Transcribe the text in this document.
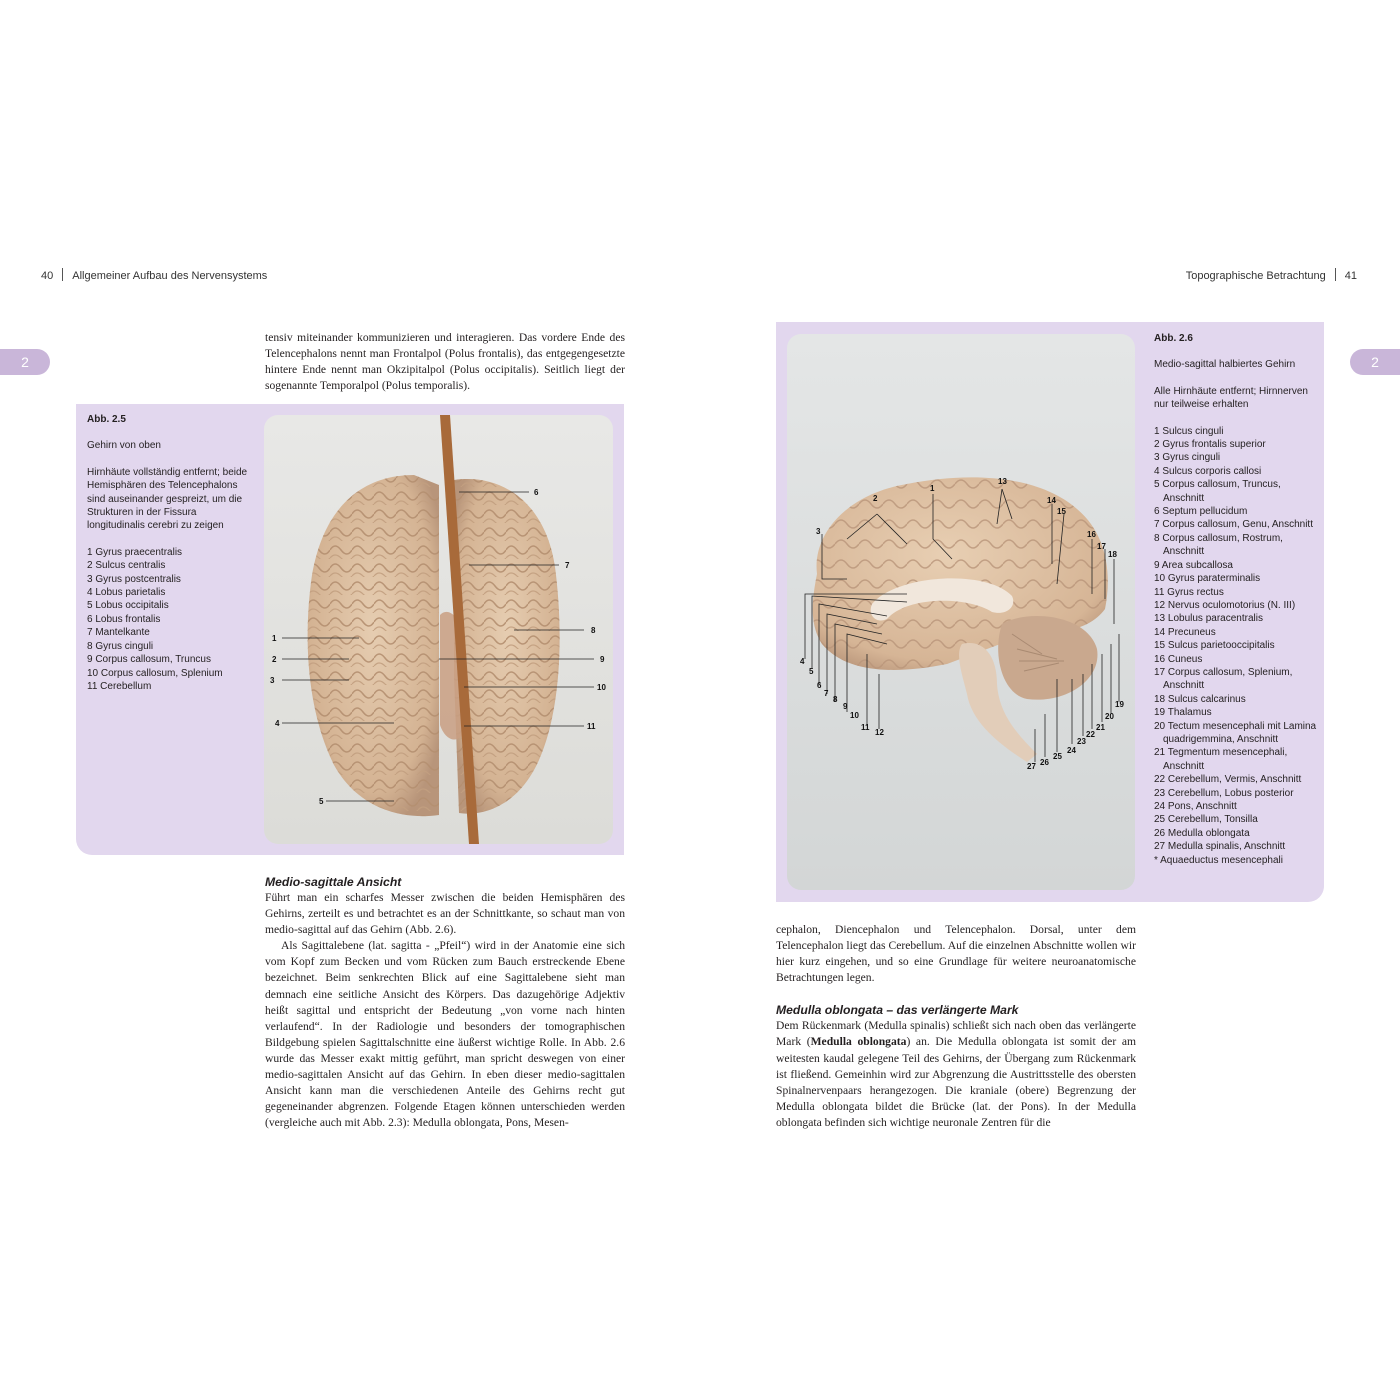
40 Allgemeiner Aufbau des Nervensystems	Topographische Betrachtung 41
2	2

tensiv miteinander kommunizieren und interagieren. Das vordere Ende des Telencephalons nennt man Frontalpol (Polus frontalis), das entgegengesetzte hintere Ende nennt man Okzipitalpol (Polus occipitalis). Seitlich liegt der sogenannte Temporalpol (Polus temporalis).

Abb. 2.5
Gehirn von oben
Hirnhäute vollständig entfernt; beide Hemisphären des Telencephalons sind auseinander gespreizt, um die Strukturen in der Fissura longitudinalis cerebri zu zeigen
1 Gyrus praecentralis
2 Sulcus centralis
3 Gyrus postcentralis
4 Lobus parietalis
5 Lobus occipitalis
6 Lobus frontalis
7 Mantelkante
8 Gyrus cinguli
9 Corpus callosum, Truncus
10 Corpus callosum, Splenium
11 Cerebellum
1
2
3
4
5
6
7
8
9
10
11
Medio-sagittale Ansicht

Führt man ein scharfes Messer zwischen die beiden Hemisphären des Gehirns, zerteilt es und betrachtet es an der Schnittkante, so schaut man von medio-sagittal auf das Gehirn (Abb. 2.6).

Als Sagittalebene (lat. sagitta - „Pfeil“) wird in der Anatomie eine sich vom Kopf zum Becken und vom Rücken zum Bauch erstreckende Ebene bezeichnet. Beim senkrechten Blick auf eine Sagittalebene sieht man demnach eine seitliche Ansicht des Körpers. Das dazugehörige Adjektiv heißt sagittal und entspricht der Bedeutung „von vorne nach hinten verlaufend“. In der Radiologie und besonders der tomographischen Bildgebung spielen Sagittalschnitte eine äußerst wichtige Rolle. In Abb. 2.6 wurde das Messer exakt mittig geführt, man spricht deswegen von einer medio-sagittalen Ansicht auf das Gehirn. In eben dieser medio-sagittalen Ansicht kann man die verschiedenen Anteile des Gehirns recht gut gegeneinander abgrenzen. Folgende Etagen können unterschieden werden (vergleiche auch mit Abb. 2.3): Medulla oblongata, Pons, Mesen-

1
2
3
4
5
6
7
8
9
10
11
12
13
14
15
16
17
18
19
20
21
22
23
24
25
26
27
Abb. 2.6
Medio-sagittal halbiertes Gehirn
Alle Hirnhäute entfernt; Hirnnerven nur teilweise erhalten
1 Sulcus cinguli
2 Gyrus frontalis superior
3 Gyrus cinguli
4 Sulcus corporis callosi
5 Corpus callosum, Truncus, Anschnitt
6 Septum pellucidum
7 Corpus callosum, Genu, Anschnitt
8 Corpus callosum, Rostrum, Anschnitt
9 Area subcallosa
10 Gyrus paraterminalis
11 Gyrus rectus
12 Nervus oculomotorius (N. III)
13 Lobulus paracentralis
14 Precuneus
15 Sulcus parietooccipitalis
16 Cuneus
17 Corpus callosum, Splenium, Anschnitt
18 Sulcus calcarinus
19 Thalamus
20 Tectum mesencephali mit Lamina quadrigemmina, Anschnitt
21 Tegmentum mesencephali, Anschnitt
22 Cerebellum, Vermis, Anschnitt
23 Cerebellum, Lobus posterior
24 Pons, Anschnitt
25 Cerebellum, Tonsilla
26 Medulla oblongata
27 Medulla spinalis, Anschnitt
* Aquaeductus mesencephali

cephalon, Diencephalon und Telencephalon. Dorsal, unter dem Telencephalon liegt das Cerebellum. Auf die einzelnen Abschnitte wollen wir hier kurz eingehen, und so eine Grundlage für weitere neuroanatomische Betrachtungen legen.

Medulla oblongata – das verlängerte Mark

Dem Rückenmark (Medulla spinalis) schließt sich nach oben das verlängerte Mark (Medulla oblongata) an. Die Medulla oblongata ist somit der am weitesten kaudal gelegene Teil des Gehirns, der Übergang zum Rückenmark ist fließend. Gemeinhin wird zur Abgrenzung die Austrittsstelle des obersten Spinalnervenpaars herangezogen. Die kraniale (obere) Begrenzung der Medulla oblongata bildet die Brücke (lat. der Pons). In der Medulla oblongata befinden sich wichtige neuronale Zentren für die
